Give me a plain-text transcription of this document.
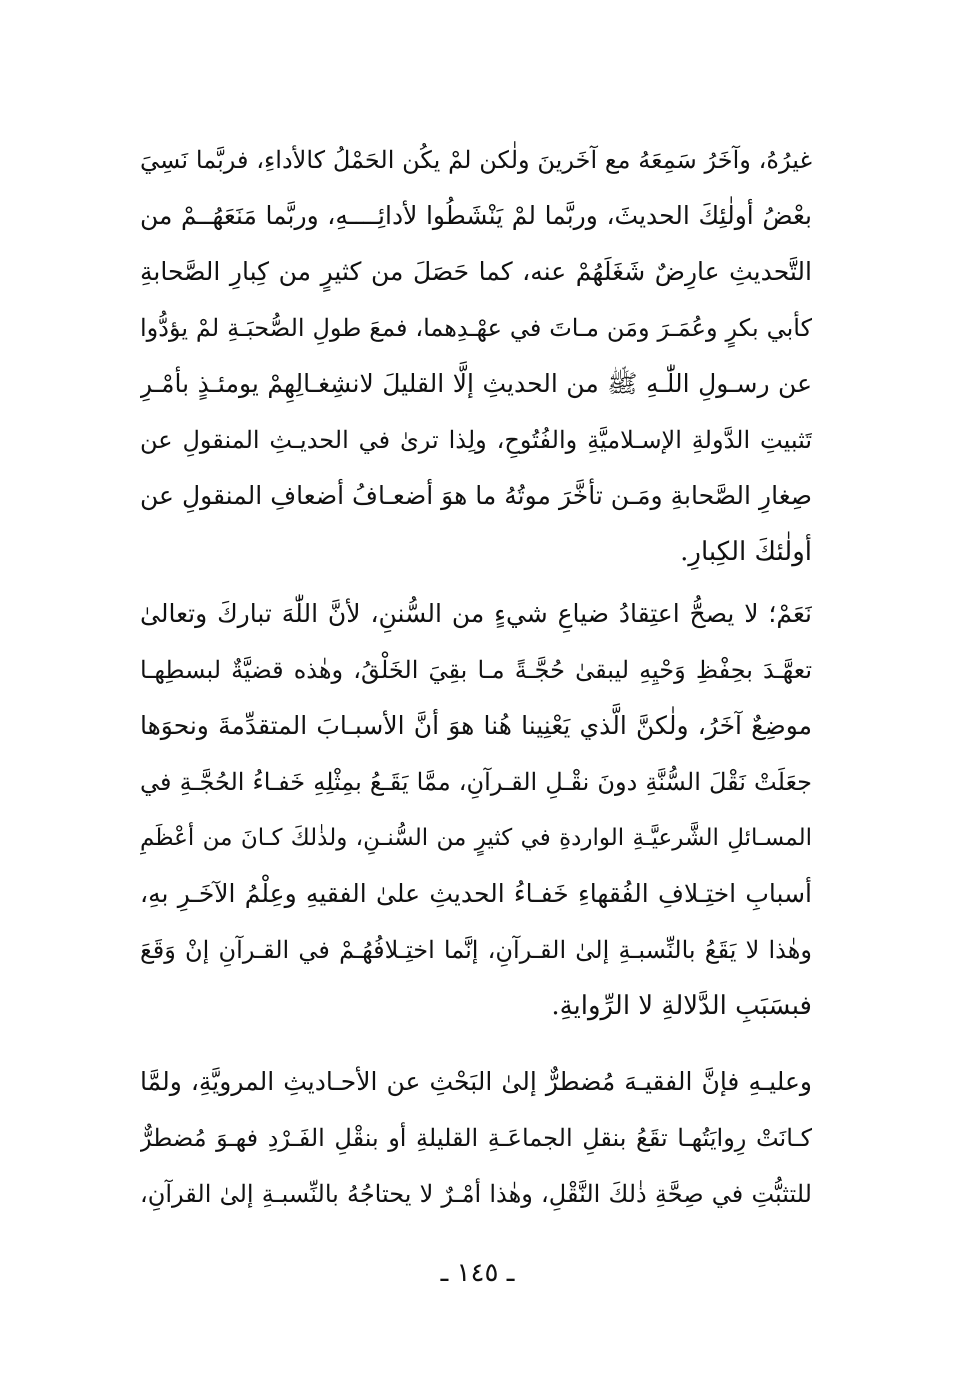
غيرُهُ، وآخَرُ سَمِعَهُ مع آخَرينَ ولٰكن لمْ يكُن الحَمْلُ كالأداءِ، فربَّما نَسِيَ
بعْضُ أولٰئِكَ الحديثَ، وربَّما لمْ يَنْشَطُوا لأدائِــــهِ، وربَّما مَنَعَهُــمْ من
التَّحديثِ عارِضٌ شَغَلَهُمْ عنه، كما حَصَلَ من كثيرٍ من كِبارِ الصَّحابةِ
كأبي بكرٍ وعُمَـرَ ومَن مـاتَ في عهْـدِهما، فمعَ طولِ الصُّحبَـةِ لمْ يؤدُّوا
عن رسـولِ اللّٰـهِ ﷺ من الحديثِ إلَّا القليلَ لانشِغـالِهِمْ يومئـذٍ بأمْـرِ
تَثبيتِ الدَّولةِ الإسـلاميَّةِ والفُتُوحِ، ولِذا ترىٰ في الحديـثِ المنقولِ عن
صِغارِ الصَّحابةِ ومَـن تأخَّرَ موتُهُ ما هوَ أضعـافُ أضعافِ المنقولِ عن
أولٰئكَ الكِبارِ.
نَعَمْ؛ لا يصحُّ اعتِقادُ ضياعِ شيءٍ من السُّننِ، لأنَّ اللّٰهَ تباركَ وتعالىٰ
تعهَّـدَ بحِفْظِ وَحْيِهِ ليبقىٰ حُجَّـةً مـا بقِيَ الخَلْقُ، وهٰذه قضيَّةٌ لبسطِهـا
موضِعٌ آخَرُ، ولٰكنَّ الَّذي يَعْنِينا هُنا هوَ أنَّ الأسبـابَ المتقدِّمةَ ونحوَها
جعَلَتْ نَقْلَ السُّنَّةِ دونَ نقْـلِ القـرآنِ، ممَّا يَقَـعُ بمِثْلِهِ خَفـاءُ الحُجَّـةِ في
المسـائلِ الشَّرعيَّـةِ الواردةِ في كثيرٍ من السُّنـنِ، ولذٰلكَ كـانَ من أعْظَمِ
أسبابِ اختِـلافِ الفُقهاءِ خَفـاءُ الحديثِ علىٰ الفقيهِ وعِلْمُ الآخَـرِ بهِ،
وهٰذا لا يَقَعُ بالنِّسبـةِ إلىٰ القـرآنِ، إنَّما اختِـلافُهُـمْ في القـرآنِ إنْ وَقَعَ
فبسَبَبِ الدَّلالةِ لا الرِّوايةِ.
وعليـهِ فإنَّ الفقيـهَ مُضطرٌّ إلىٰ البَحْثِ عن الأحـاديثِ المرويَّةِ، ولمَّا
كـانَتْ رِوايَتُهـا تقَعُ بنقلِ الجماعَـةِ القليلةِ أو بنقْلِ الفَـرْدِ فهـوَ مُضطرٌّ
للتثبُّتِ في صِحَّةِ ذٰلكَ النَّقْلِ، وهٰذا أمْـرٌ لا يحتاجُهُ بالنِّسبـةِ إلىٰ القرآنِ،
ـ ١٤٥ ـ
